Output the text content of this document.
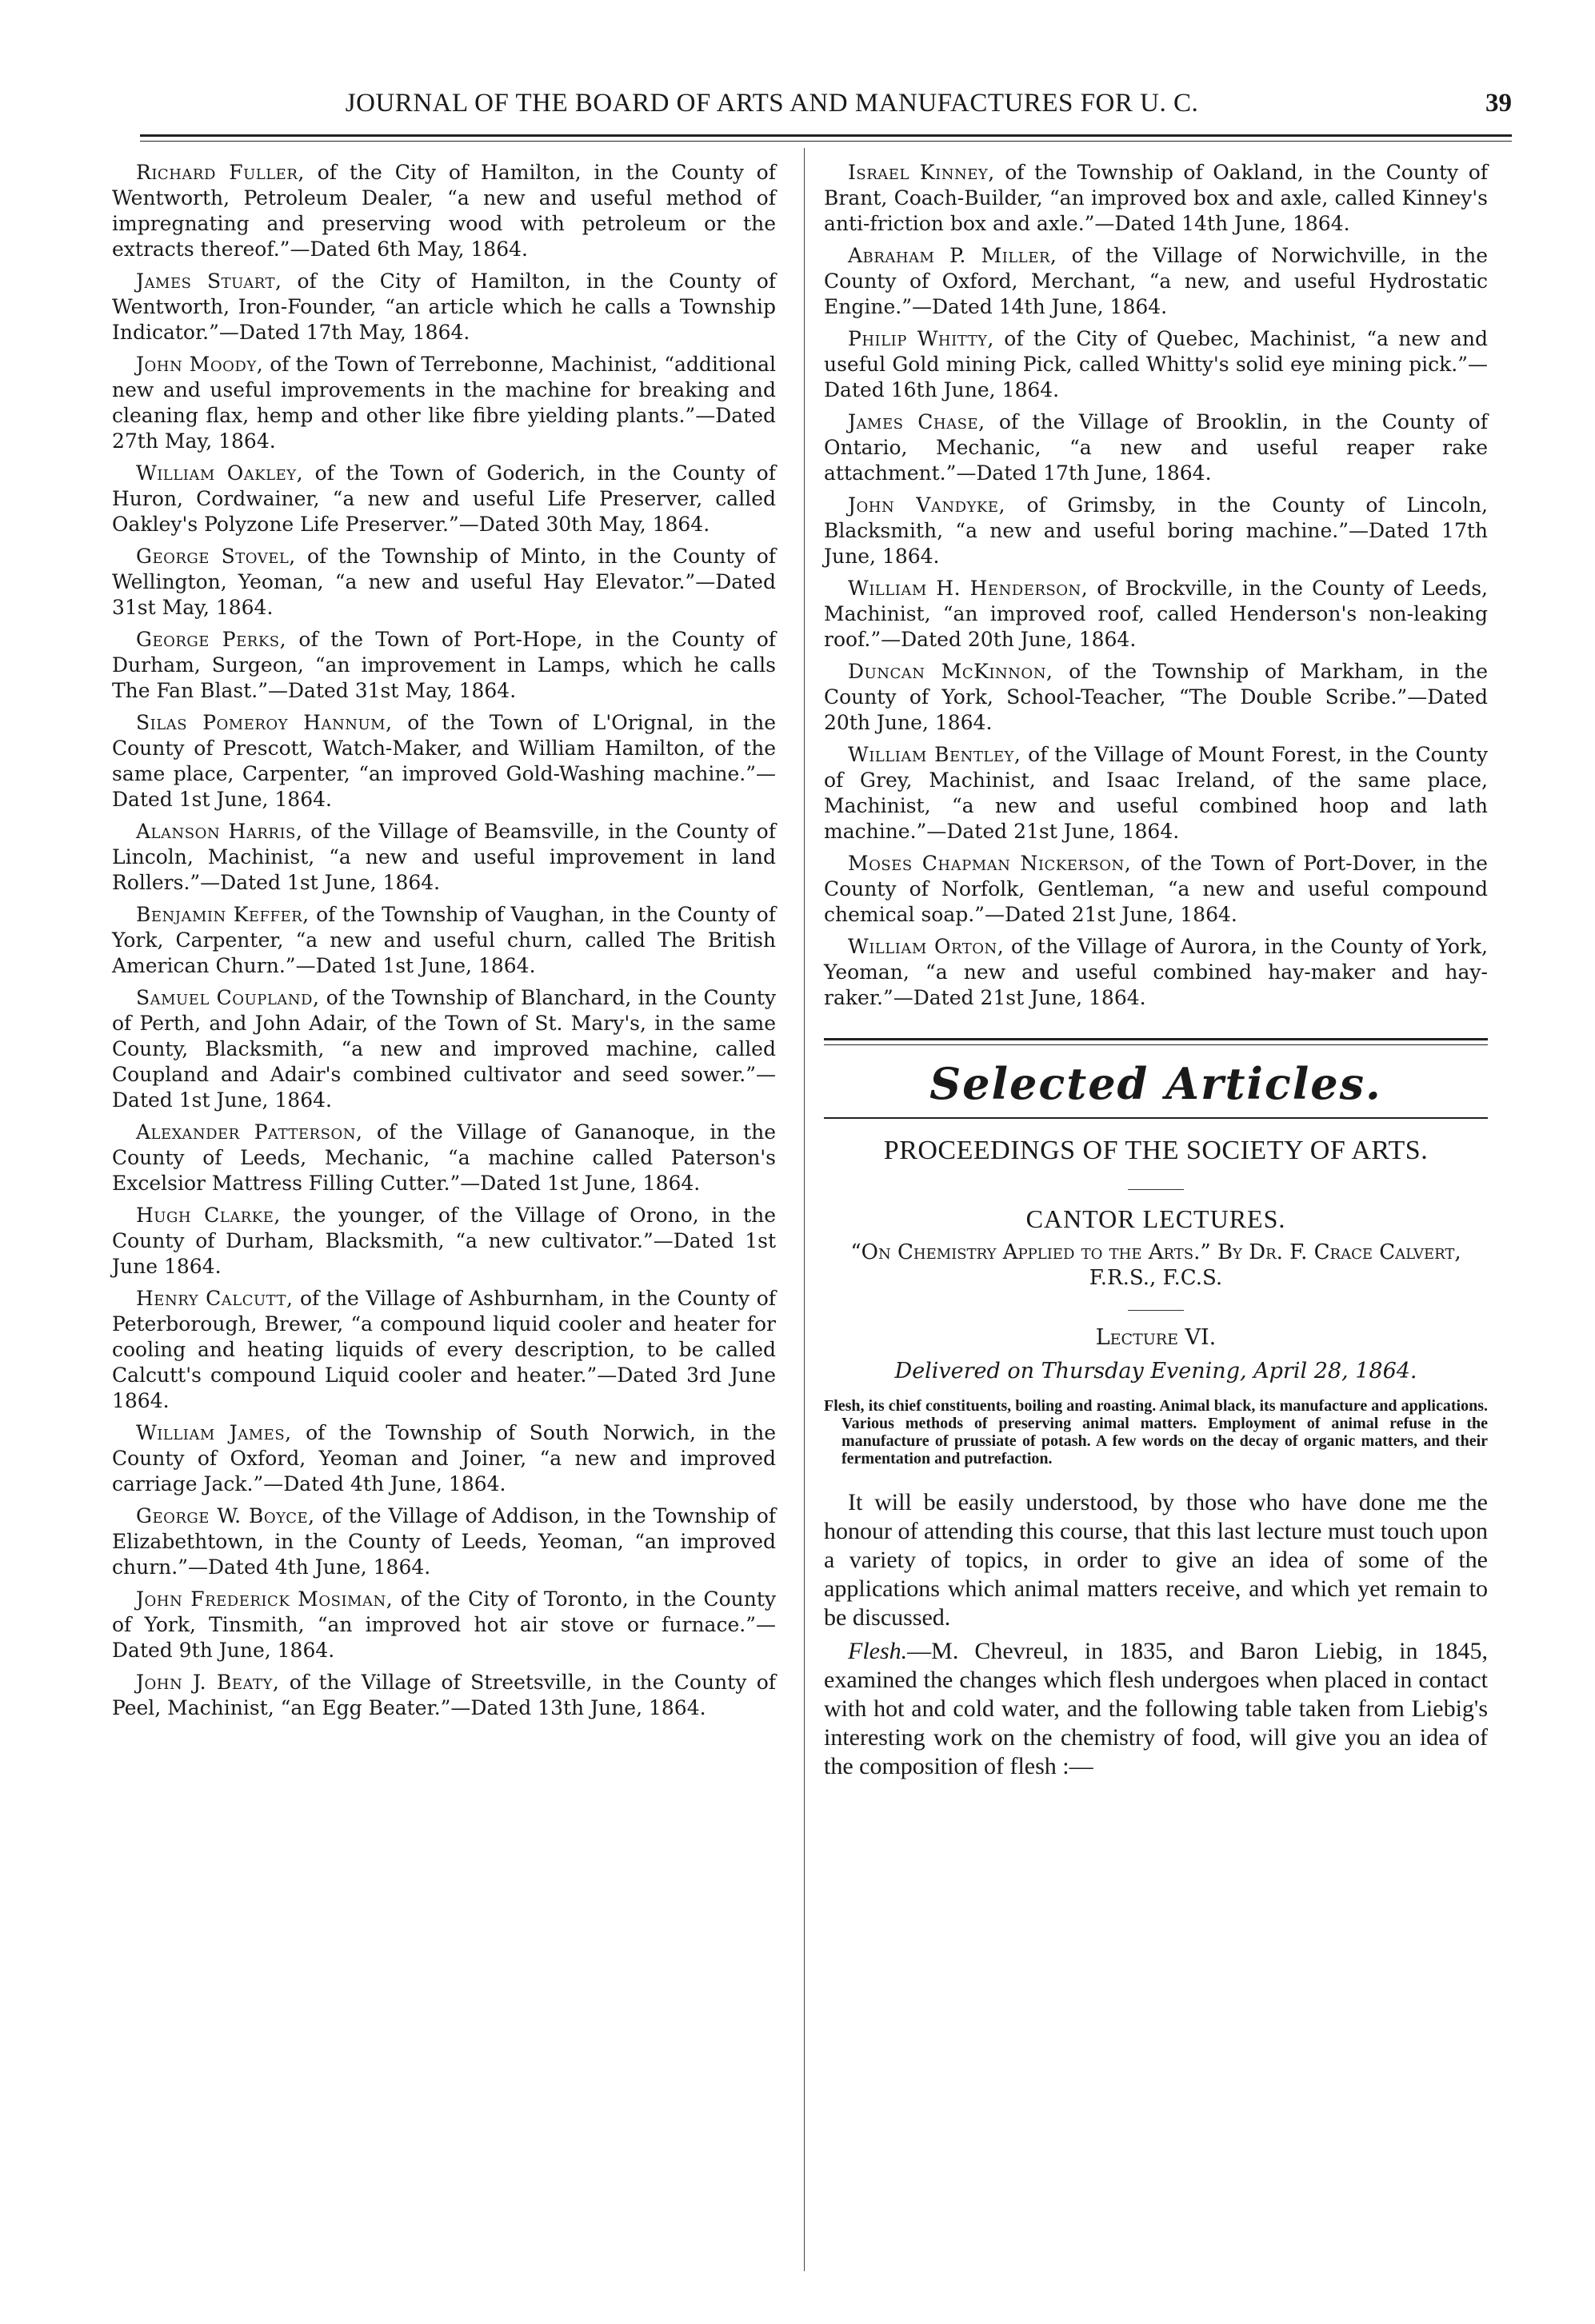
JOURNAL OF THE BOARD OF ARTS AND MANUFACTURES FOR U. C.	39

Richard Fuller, of the City of Hamilton, in the County of Wentworth, Petroleum Dealer, “a new and useful method of impregnating and preserving wood with petroleum or the extracts thereof.”—Dated 6th May, 1864.

James Stuart, of the City of Hamilton, in the County of Wentworth, Iron-Founder, “an article which he calls a Township Indicator.”—Dated 17th May, 1864.

John Moody, of the Town of Terrebonne, Machinist, “additional new and useful improvements in the machine for breaking and cleaning flax, hemp and other like fibre yielding plants.”—Dated 27th May, 1864.

William Oakley, of the Town of Goderich, in the County of Huron, Cordwainer, “a new and useful Life Preserver, called Oakley's Polyzone Life Preserver.”—Dated 30th May, 1864.

George Stovel, of the Township of Minto, in the County of Wellington, Yeoman, “a new and useful Hay Elevator.”—Dated 31st May, 1864.

George Perks, of the Town of Port-Hope, in the County of Durham, Surgeon, “an improvement in Lamps, which he calls The Fan Blast.”—Dated 31st May, 1864.

Silas Pomeroy Hannum, of the Town of L'Orignal, in the County of Prescott, Watch-Maker, and William Hamilton, of the same place, Carpenter, “an improved Gold-Washing machine.”—Dated 1st June, 1864.

Alanson Harris, of the Village of Beamsville, in the County of Lincoln, Machinist, “a new and useful improvement in land Rollers.”—Dated 1st June, 1864.

Benjamin Keffer, of the Township of Vaughan, in the County of York, Carpenter, “a new and useful churn, called The British American Churn.”—Dated 1st June, 1864.

Samuel Coupland, of the Township of Blanchard, in the County of Perth, and John Adair, of the Town of St. Mary's, in the same County, Blacksmith, “a new and improved machine, called Coupland and Adair's combined cultivator and seed sower.”—Dated 1st June, 1864.

Alexander Patterson, of the Village of Gananoque, in the County of Leeds, Mechanic, “a machine called Paterson's Excelsior Mattress Filling Cutter.”—Dated 1st June, 1864.

Hugh Clarke, the younger, of the Village of Orono, in the County of Durham, Blacksmith, “a new cultivator.”—Dated 1st June 1864.

Henry Calcutt, of the Village of Ashburnham, in the County of Peterborough, Brewer, “a compound liquid cooler and heater for cooling and heating liquids of every description, to be called Calcutt's compound Liquid cooler and heater.”—Dated 3rd June 1864.

William James, of the Township of South Norwich, in the County of Oxford, Yeoman and Joiner, “a new and improved carriage Jack.”—Dated 4th June, 1864.

George W. Boyce, of the Village of Addison, in the Township of Elizabethtown, in the County of Leeds, Yeoman, “an improved churn.”—Dated 4th June, 1864.

John Frederick Mosiman, of the City of Toronto, in the County of York, Tinsmith, “an improved hot air stove or furnace.”—Dated 9th June, 1864.

John J. Beaty, of the Village of Streetsville, in the County of Peel, Machinist, “an Egg Beater.”—Dated 13th June, 1864.

Israel Kinney, of the Township of Oakland, in the County of Brant, Coach-Builder, “an improved box and axle, called Kinney's anti-friction box and axle.”—Dated 14th June, 1864.

Abraham P. Miller, of the Village of Norwichville, in the County of Oxford, Merchant, “a new, and useful Hydrostatic Engine.”—Dated 14th June, 1864.

Philip Whitty, of the City of Quebec, Machinist, “a new and useful Gold mining Pick, called Whitty's solid eye mining pick.”—Dated 16th June, 1864.

James Chase, of the Village of Brooklin, in the County of Ontario, Mechanic, “a new and useful reaper rake attachment.”—Dated 17th June, 1864.

John Vandyke, of Grimsby, in the County of Lincoln, Blacksmith, “a new and useful boring machine.”—Dated 17th June, 1864.

William H. Henderson, of Brockville, in the County of Leeds, Machinist, “an improved roof, called Henderson's non-leaking roof.”—Dated 20th June, 1864.

Duncan McKinnon, of the Township of Markham, in the County of York, School-Teacher, “The Double Scribe.”—Dated 20th June, 1864.

William Bentley, of the Village of Mount Forest, in the County of Grey, Machinist, and Isaac Ireland, of the same place, Machinist, “a new and useful combined hoop and lath machine.”—Dated 21st June, 1864.

Moses Chapman Nickerson, of the Town of Port-Dover, in the County of Norfolk, Gentleman, “a new and useful compound chemical soap.”—Dated 21st June, 1864.

William Orton, of the Village of Aurora, in the County of York, Yeoman, “a new and useful combined hay-maker and hay-raker.”—Dated 21st June, 1864.

Selected Articles.
PROCEEDINGS OF THE SOCIETY OF ARTS.
CANTOR LECTURES.
“On Chemistry Applied to the Arts.” By Dr. F. Crace Calvert, F.R.S., F.C.S.
Lecture VI.
Delivered on Thursday Evening, April 28, 1864.
Flesh, its chief constituents, boiling and roasting. Animal black, its manufacture and applications. Various methods of preserving animal matters. Employment of animal refuse in the manufacture of prussiate of potash. A few words on the decay of organic matters, and their fermentation and putrefaction.

It will be easily understood, by those who have done me the honour of attending this course, that this last lecture must touch upon a variety of topics, in order to give an idea of some of the applications which animal matters receive, and which yet remain to be discussed.

Flesh.—M. Chevreul, in 1835, and Baron Liebig, in 1845, examined the changes which flesh undergoes when placed in contact with hot and cold water, and the following table taken from Liebig's interesting work on the chemistry of food, will give you an idea of the composition of flesh :—
